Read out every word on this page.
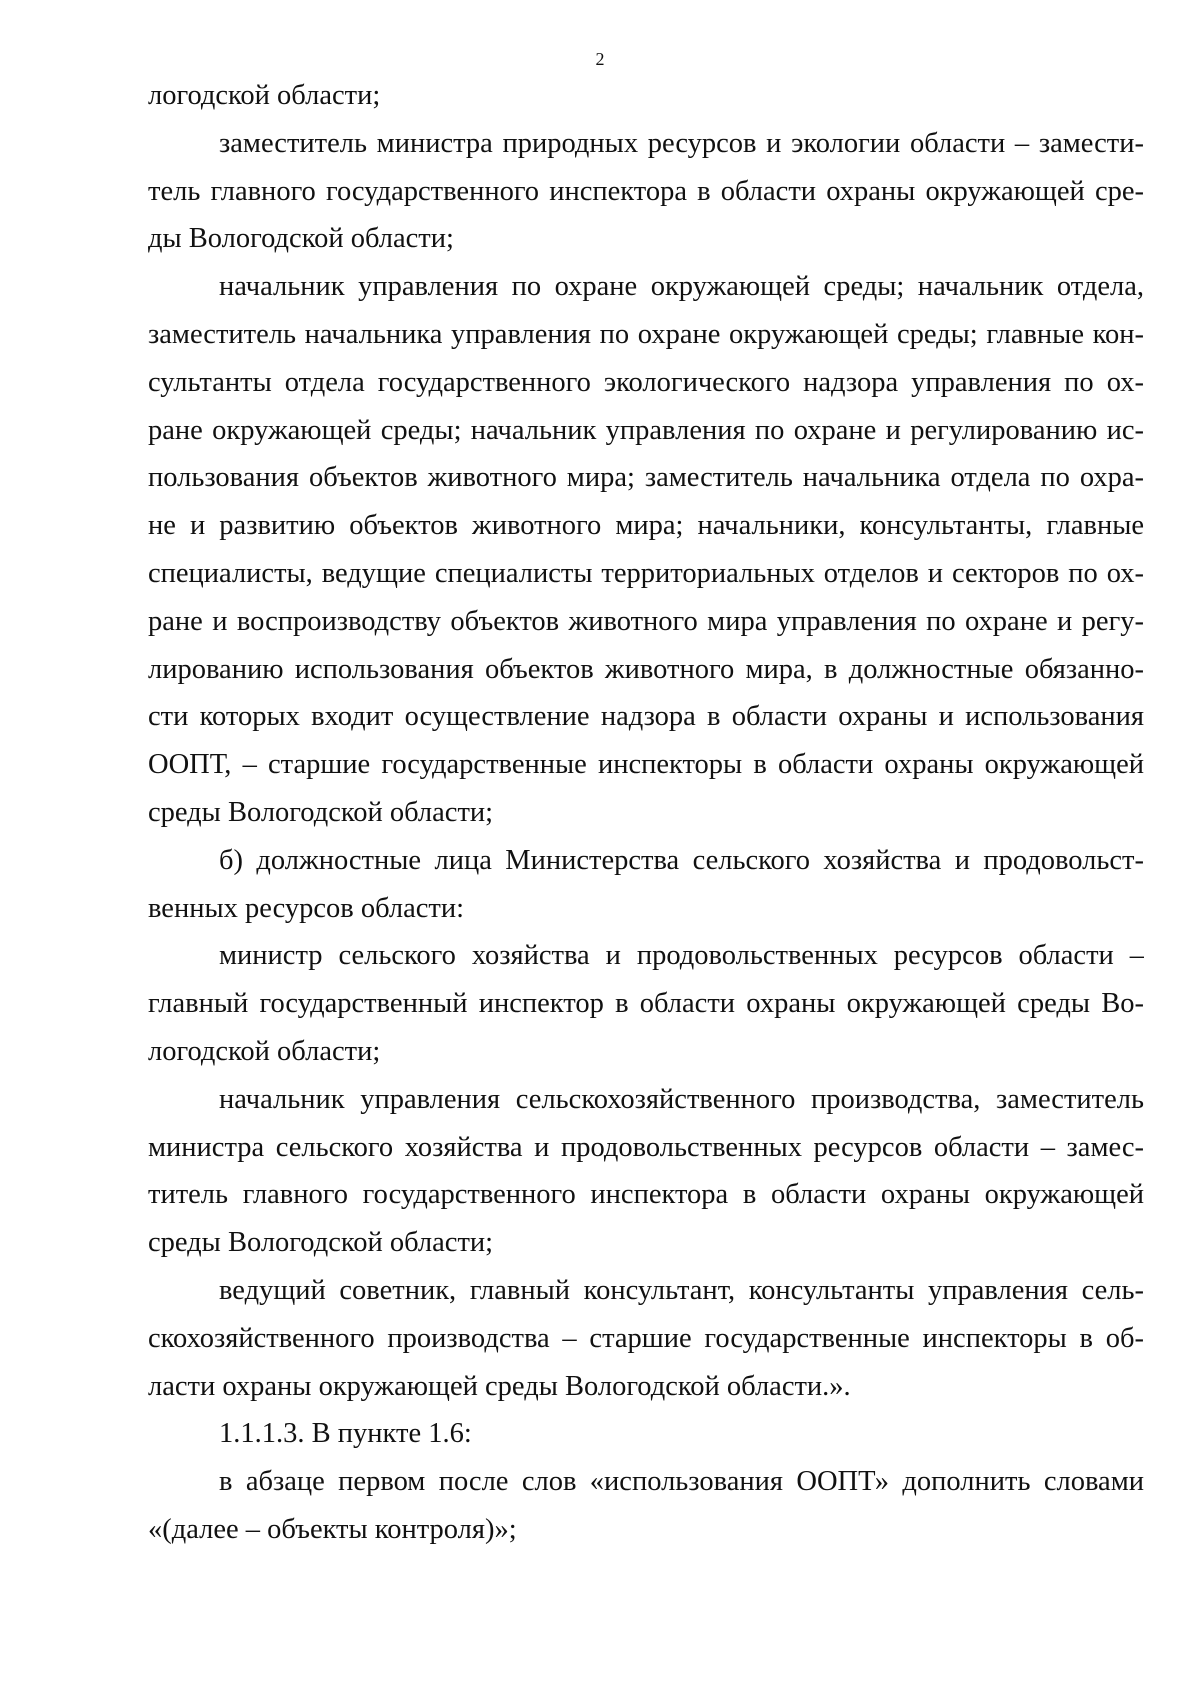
2
логодской области;
заместитель министра природных ресурсов и экологии области – замести-
тель главного государственного инспектора в области охраны окружающей сре-
ды Вологодской области;
начальник управления по охране окружающей среды; начальник отдела,
заместитель начальника управления по охране окружающей среды; главные кон-
сультанты отдела государственного экологического надзора управления по ох-
ране окружающей среды; начальник управления по охране и регулированию ис-
пользования объектов животного мира; заместитель начальника отдела по охра-
не и развитию объектов животного мира; начальники, консультанты, главные
специалисты, ведущие специалисты территориальных отделов и секторов по ох-
ране и воспроизводству объектов животного мира управления по охране и регу-
лированию использования объектов животного мира, в должностные обязанно-
сти которых входит осуществление надзора в области охраны и использования
ООПТ, – старшие государственные инспекторы в области охраны окружающей
среды Вологодской области;
б) должностные лица Министерства сельского хозяйства и продовольст-
венных ресурсов области:
министр сельского хозяйства и продовольственных ресурсов области –
главный государственный инспектор в области охраны окружающей среды Во-
логодской области;
начальник управления сельскохозяйственного производства, заместитель
министра сельского хозяйства и продовольственных ресурсов области – замес-
титель главного государственного инспектора в области охраны окружающей
среды Вологодской области;
ведущий советник, главный консультант, консультанты управления сель-
скохозяйственного производства – старшие государственные инспекторы в об-
ласти охраны окружающей среды Вологодской области.».
1.1.1.3. В пункте 1.6:
в абзаце первом после слов «использования ООПТ» дополнить словами
«(далее – объекты контроля)»;
